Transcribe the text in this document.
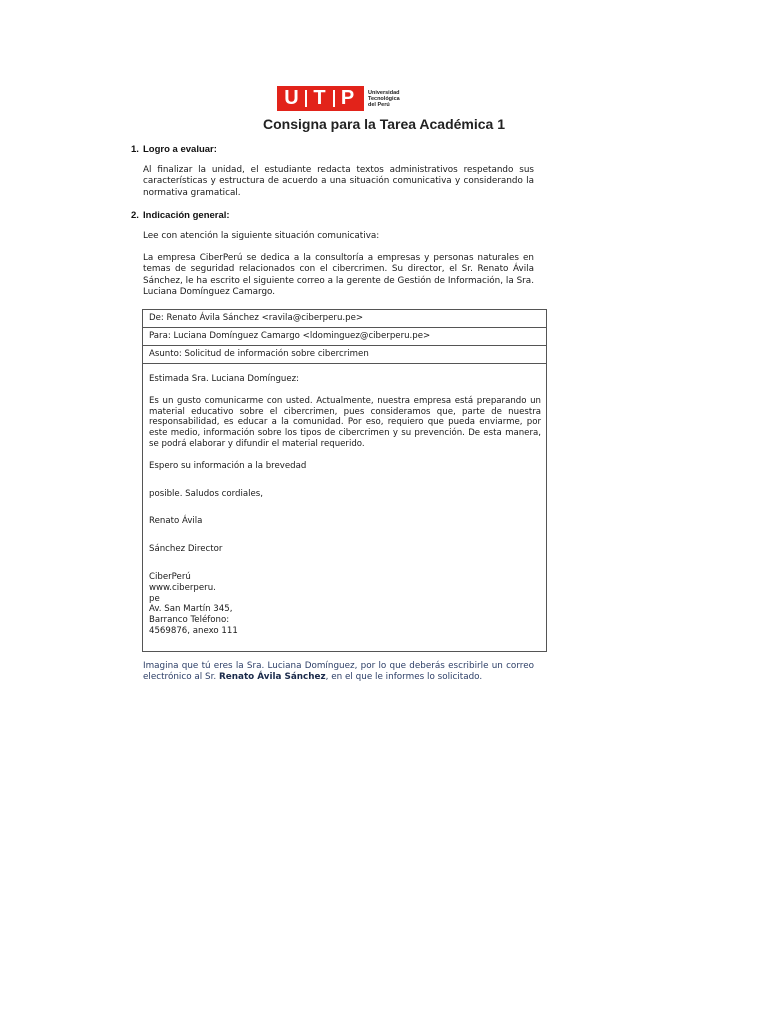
U T P	Universidad
Tecnológica
del Perú
Consigna para la Tarea Académica 1
1. Logro a evaluar:
Al finalizar la unidad, el estudiante redacta textos administrativos respetando sus características y estructura de acuerdo a una situación comunicativa y considerando la normativa gramatical.
2. Indicación general:
Lee con atención la siguiente situación comunicativa:
La empresa CiberPerú se dedica a la consultoría a empresas y personas naturales en temas de seguridad relacionados con el cibercrimen. Su director, el Sr. Renato Ávila Sánchez, le ha escrito el siguiente correo a la gerente de Gestión de Información, la Sra. Luciana Domínguez Camargo.
De: Renato Ávila Sánchez <ravila@ciberperu.pe>
Para: Luciana Domínguez Camargo <ldominguez@ciberperu.pe>
Asunto: Solicitud de información sobre cibercrimen

Estimada Sra. Luciana Domínguez:

Es un gusto comunicarme con usted. Actualmente, nuestra empresa está preparando un material educativo sobre el cibercrimen, pues consideramos que, parte de nuestra responsabilidad, es educar a la comunidad. Por eso, requiero que pueda enviarme, por este medio, información sobre los tipos de cibercrimen y su prevención. De esta manera, se podrá elaborar y difundir el material requerido.

Espero su información a la brevedad

posible. Saludos cordiales,

Renato Ávila

Sánchez Director

CiberPerú

www.ciberperu.

pe

Av. San Martín 345,

Barranco Teléfono:

4569876, anexo 111

Imagina que tú eres la Sra. Luciana Domínguez, por lo que deberás escribirle un correo electrónico al Sr. Renato Ávila Sánchez, en el que le informes lo solicitado.
